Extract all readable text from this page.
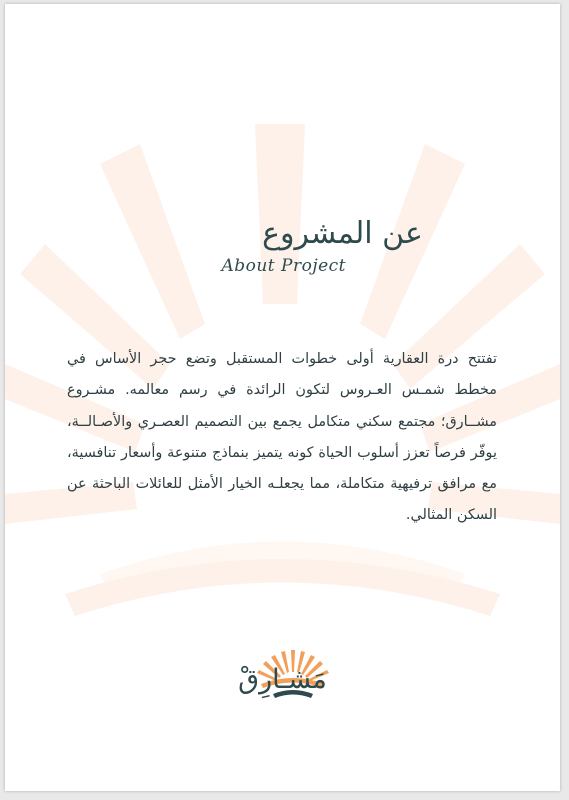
عن المشروع
About Project

تفتتح درة العقارية أولى خطوات المستقبل وتضع حجر الأساس في مخطط شمـس العـروس لتكون الرائدة في رسم معالمه. مشـروع مشــارق؛ مجتمع سكني متكامل يجمع بين التصميم العصـري والأصـالــة، يوفّر فرصاً تعزز أسلوب الحياة كونه يتميز بنماذج متنوعة وأسعار تنافسية، مع مرافق ترفيهية متكاملة، مما يجعلـه الخيار الأمثل للعائلات الباحثة عن السكن المثالي.

مَشـارِقْ
